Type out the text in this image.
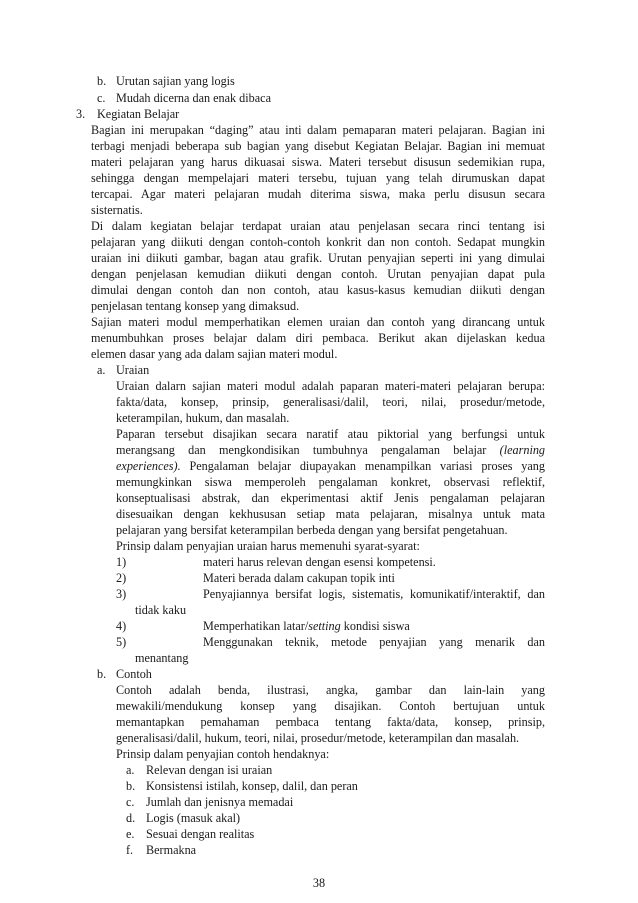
b. Urutan sajian yang logis
c. Mudah dicerna dan enak dibaca
3. Kegiatan Belajar
Bagian ini merupakan “daging” atau inti dalam pemaparan materi pelajaran. Bagian ini
terbagi menjadi beberapa sub bagian yang disebut Kegiatan Belajar. Bagian ini memuat
materi pelajaran yang harus dikuasai siswa. Materi tersebut disusun sedemikian rupa,
sehingga dengan mempelajari materi tersebu, tujuan yang telah dirumuskan dapat
tercapai. Agar materi pelajaran mudah diterima siswa, maka perlu disusun secara
sisternatis.
Di dalam kegiatan belajar terdapat uraian atau penjelasan secara rinci tentang isi
pelajaran yang diikuti dengan contoh-contoh konkrit dan non contoh. Sedapat mungkin
uraian ini diikuti gambar, bagan atau grafik. Urutan penyajian seperti ini yang dimulai
dengan penjelasan kemudian diikuti dengan contoh. Urutan penyajian dapat pula
dimulai dengan contoh dan non contoh, atau kasus-kasus kemudian diikuti dengan
penjelasan tentang konsep yang dimaksud.
Sajian materi modul memperhatikan elemen uraian dan contoh yang dirancang untuk
menumbuhkan proses belajar dalam diri pembaca. Berikut akan dijelaskan kedua
elemen dasar yang ada dalam sajian materi modul.
a. Uraian
Uraian dalarn sajian materi modul adalah paparan materi-materi pelajaran berupa:
fakta/data, konsep, prinsip, generalisasi/dalil, teori, nilai, prosedur/metode,
keterampilan, hukum, dan masalah.
Paparan tersebut disajikan secara naratif atau piktorial yang berfungsi untuk
merangsang dan mengkondisikan tumbuhnya pengalaman belajar (learning
experiences). Pengalaman belajar diupayakan menampilkan variasi proses yang
memungkinkan siswa memperoleh pengalaman konkret, observasi reflektif,
konseptualisasi abstrak, dan ekperimentasi aktif Jenis pengalaman pelajaran
disesuaikan dengan kekhususan setiap mata pelajaran, misalnya untuk mata
pelajaran yang bersifat keterampilan berbeda dengan yang bersifat pengetahuan.
Prinsip dalam penyajian uraian harus memenuhi syarat-syarat:
1)	materi harus relevan dengan esensi kompetensi.
2)	Materi berada dalam cakupan topik inti
3)	Penyajiannya bersifat logis, sistematis, komunikatif/interaktif, dan
tidak kaku
4)	Memperhatikan latar/setting kondisi siswa
5)	Menggunakan teknik, metode penyajian yang menarik dan
menantang
b. Contoh
Contoh adalah benda, ilustrasi, angka, gambar dan lain-lain yang
mewakili/mendukung konsep yang disajikan. Contoh bertujuan untuk
memantapkan pemahaman pembaca tentang fakta/data, konsep, prinsip,
generalisasi/dalil, hukum, teori, nilai, prosedur/metode, keterampilan dan masalah.
Prinsip dalam penyajian contoh hendaknya:
a. Relevan dengan isi uraian
b. Konsistensi istilah, konsep, dalil, dan peran
c. Jumlah dan jenisnya memadai
d. Logis (masuk akal)
e. Sesuai dengan realitas
f. Bermakna
38
